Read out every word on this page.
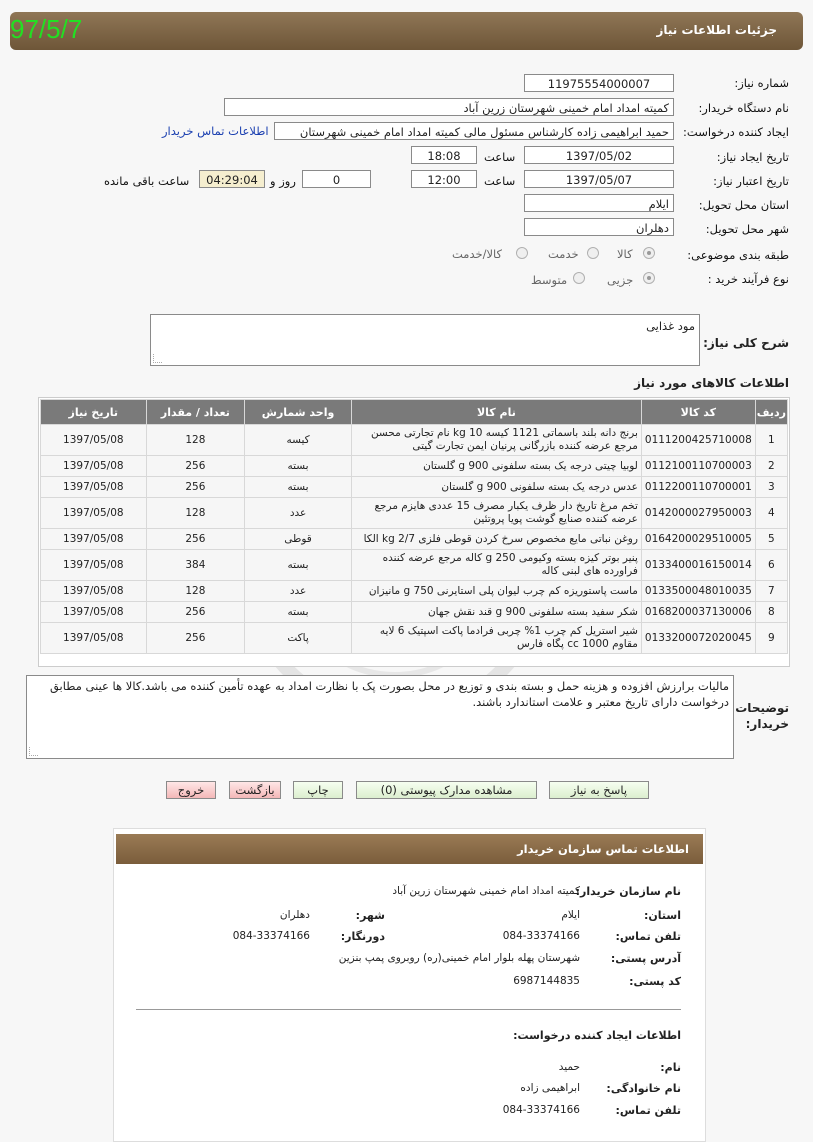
جزئیات اطلاعات نیاز
97/5/7
شماره نیاز:
11975554000007
نام دستگاه خریدار:
کمیته امداد امام خمینی شهرستان زرین آباد
ایجاد کننده درخواست:
حمید ابراهیمی زاده کارشناس مسئول مالی کمیته امداد امام خمینی شهرستان
اطلاعات تماس خریدار
تاریخ ایجاد نیاز:
1397/05/02
ساعت
18:08
تاریخ اعتبار نیاز:
1397/05/07
ساعت
12:00
0
روز و
04:29:04
ساعت باقی مانده
استان محل تحویل:
ایلام
شهر محل تحویل:
دهلران
طبقه بندی موضوعی:
کالا
خدمت
کالا/خدمت
نوع فرآیند خرید :
جزیی
متوسط
شرح کلی نیاز:
مود غذایی
اطلاعات کالاهای مورد نیاز
ردیف	کد کالا	نام کالا	واحد شمارش	تعداد / مقدار	تاریخ نیاز
1	0111200425710008	برنج دانه بلند باسماتی 1121 کیسه 10 kg نام تجارتی محسن مرجع عرضه کننده بازرگانی پرنیان ایمن تجارت گیتی	کیسه	128	1397/05/08
2	0112100110700003	لوبیا چیتی درجه یک بسته سلفونی 900 g گلستان	بسته	256	1397/05/08
3	0112200110700001	عدس درجه یک بسته سلفونی 900 g گلستان	بسته	256	1397/05/08
4	0142000027950003	تخم مرغ تاریخ دار ظرف یکبار مصرف 15 عددی هایزم مرجع عرضه کننده صنایع گوشت پویا پروتئین	عدد	128	1397/05/08
5	0164200029510005	روغن نباتی مایع مخصوص سرخ کردن قوطی فلزی 2/7 kg الکا	قوطی	256	1397/05/08
6	0133400016150014	پنیر بوتر کیزه بسته وکیومی 250 g کاله مرجع عرضه کننده فراورده های لبنی کاله	بسته	384	1397/05/08
7	0133500048010035	ماست پاستوریزه کم چرب لیوان پلی استایرنی 750 g مانیزان	عدد	128	1397/05/08
8	0168200037130006	شکر سفید بسته سلفونی 900 g قند نقش جهان	بسته	256	1397/05/08
9	0133200072020045	شیر استریل کم چرب 1% چربی فرادما پاکت اسپتیک 6 لایه مقاوم 1000 cc پگاه فارس	پاکت	256	1397/05/08
توضیحات خریدار:
مالیات برارزش افزوده و هزینه حمل و بسته بندی و توزیع در محل بصورت پک با نظارت امداد به عهده تأمین کننده می باشد.کالا ها عینی مطابق درخواست دارای تاریخ معتبر و علامت استاندارد باشند.
پاسخ به نیاز
مشاهده مدارک پیوستی (0)
چاپ
بازگشت
خروج
اطلاعات تماس سازمان خریدار
نام سازمان خریدار:
کمیته امداد امام خمینی شهرستان زرین آباد
استان:
ایلام
شهر:
دهلران
تلفن تماس:
084-33374166
دورنگار:
084-33374166
آدرس پستی:
شهرستان پهله بلوار امام خمینی(ره) روبروی پمپ بنزین
کد پستی:
6987144835
اطلاعات ایجاد کننده درخواست:
نام:
حمید
نام خانوادگی:
ابراهیمی زاده
تلفن تماس:
084-33374166
